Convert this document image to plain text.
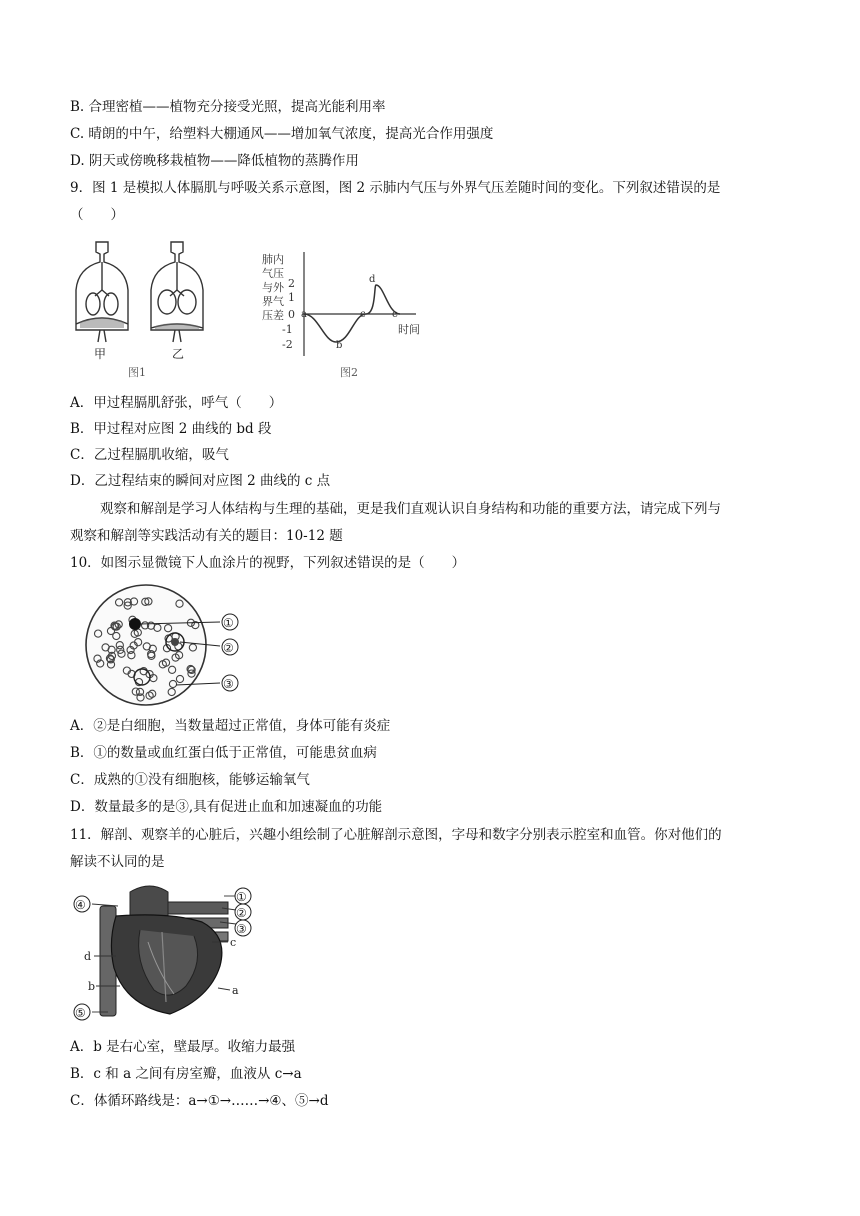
B. 合理密植——植物充分接受光照，提高光能利用率
C. 晴朗的中午，给塑料大棚通风——增加氧气浓度，提高光合作用强度
D. 阴天或傍晚移栽植物——降低植物的蒸腾作用
9．图 1 是模拟人体膈肌与呼吸关系示意图，图 2 示肺内气压与外界气压差随时间的变化。下列叙述错误的是
（　　）
甲	乙
图1
肺内
气压
与外
界气
压差
2
1
0
-1
-2
时间
a
b
c
d
e
图2
A．甲过程膈肌舒张，呼气（　　）
B．甲过程对应图 2 曲线的 bd 段
C．乙过程膈肌收缩，吸气
D．乙过程结束的瞬间对应图 2 曲线的 c 点
观察和解剖是学习人体结构与生理的基础，更是我们直观认识自身结构和功能的重要方法，请完成下列与
观察和解剖等实践活动有关的题目：10-12 题
10．如图示显微镜下人血涂片的视野，下列叙述错误的是（　　）
①
②
③
A．②是白细胞，当数量超过正常值，身体可能有炎症
B．①的数量或血红蛋白低于正常值，可能患贫血病
C．成熟的①没有细胞核，能够运输氧气
D．数量最多的是③,具有促进止血和加速凝血的功能
11．解剖、观察羊的心脏后，兴趣小组绘制了心脏解剖示意图，字母和数字分别表示腔室和血管。你对他们的
解读不认同的是
④
d
b
⑤
①
②
③
c
a
A．b 是右心室，壁最厚。收缩力最强
B．c 和 a 之间有房室瓣，血液从 c→a
C．体循环路线是：a→①→……→④、⑤→d
